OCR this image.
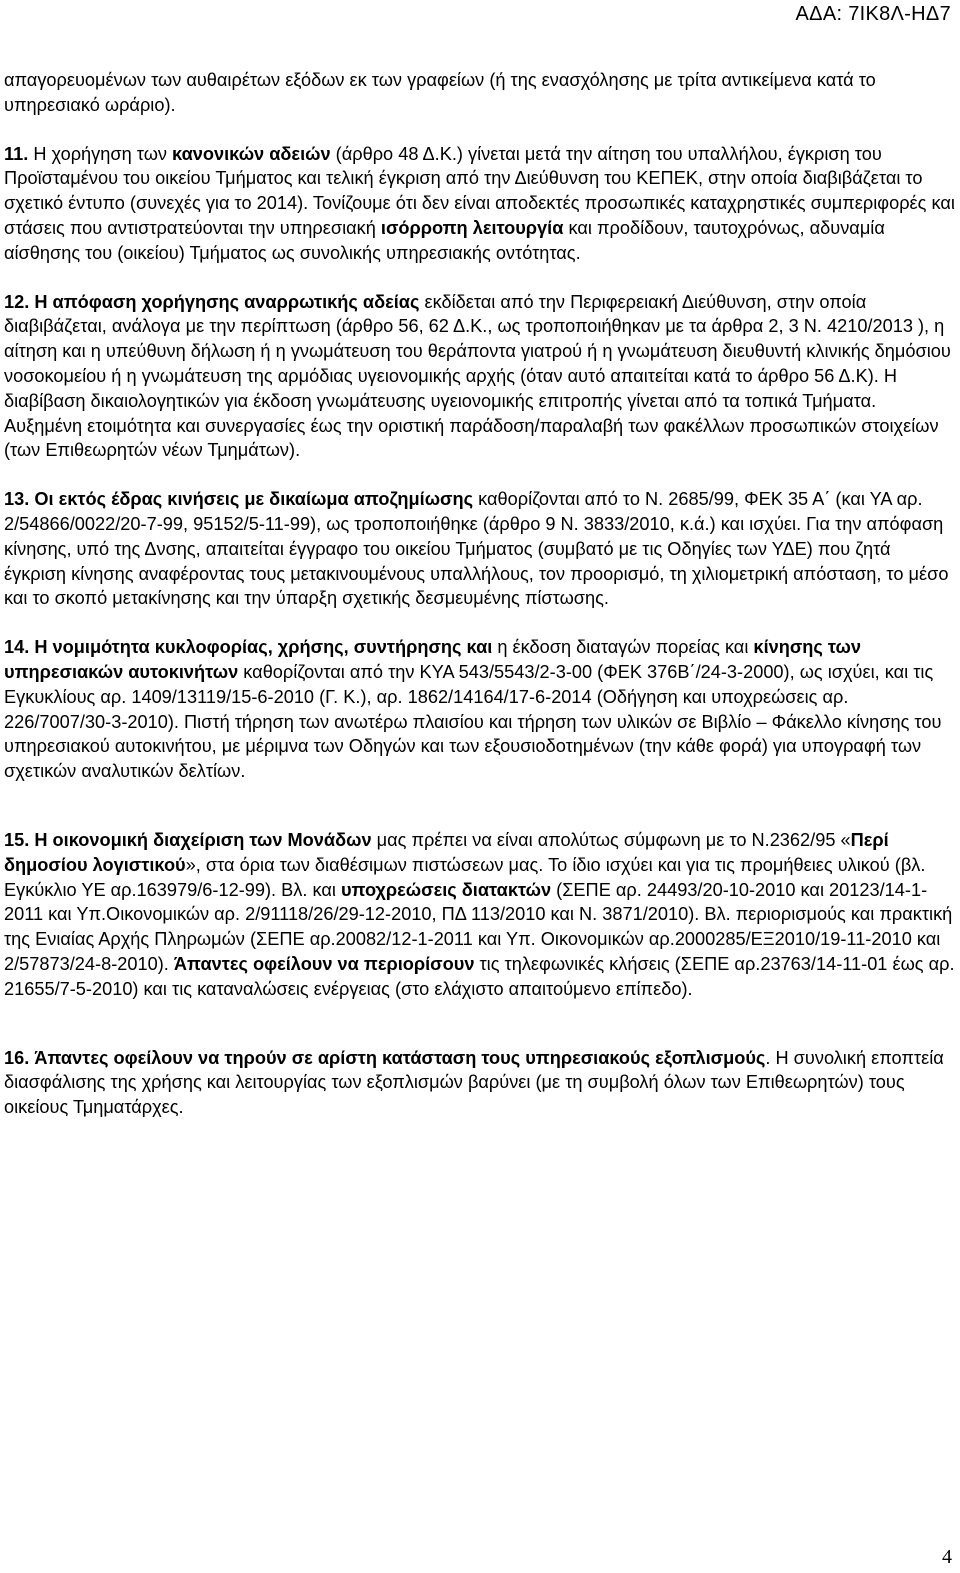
ΑΔΑ: 7ΙΚ8Λ-ΗΔ7

απαγορευομένων των αυθαιρέτων εξόδων εκ των γραφείων (ή της ενασχόλησης με τρίτα αντικείμενα κατά το υπηρεσιακό ωράριο).

11. Η χορήγηση των κανονικών αδειών (άρθρο 48 Δ.Κ.) γίνεται μετά την αίτηση του υπαλλήλου, έγκριση του Προϊσταμένου του οικείου Τμήματος και τελική έγκριση από την Διεύθυνση του ΚΕΠΕΚ, στην οποία διαβιβάζεται το σχετικό έντυπο (συνεχές για το 2014). Τονίζουμε ότι δεν είναι αποδεκτές προσωπικές καταχρηστικές συμπεριφορές και στάσεις που αντιστρατεύονται την υπηρεσιακή ισόρροπη λειτουργία και προδίδουν, ταυτοχρόνως, αδυναμία αίσθησης του (οικείου) Τμήματος ως συνολικής υπηρεσιακής οντότητας.

12. Η απόφαση χορήγησης αναρρωτικής αδείας εκδίδεται από την Περιφερειακή Διεύθυνση, στην οποία διαβιβάζεται, ανάλογα με την περίπτωση (άρθρο 56, 62 Δ.Κ., ως τροποποιήθηκαν με τα άρθρα 2, 3 Ν. 4210/2013 ), η αίτηση και η υπεύθυνη δήλωση ή η γνωμάτευση του θεράποντα γιατρού ή η γνωμάτευση διευθυντή κλινικής δημόσιου νοσοκομείου ή η γνωμάτευση της αρμόδιας υγειονομικής αρχής (όταν αυτό απαιτείται κατά το άρθρο 56 Δ.Κ). Η διαβίβαση δικαιολογητικών για έκδοση γνωμάτευσης υγειονομικής επιτροπής γίνεται από τα τοπικά Τμήματα.

Αυξημένη ετοιμότητα και συνεργασίες έως την οριστική παράδοση/παραλαβή των φακέλλων προσωπικών στοιχείων (των Επιθεωρητών νέων Τμημάτων).

13. Οι εκτός έδρας κινήσεις με δικαίωμα αποζημίωσης καθορίζονται από το Ν. 2685/99, ΦΕΚ 35 Α΄ (και ΥΑ αρ. 2/54866/0022/20-7-99, 95152/5-11-99), ως τροποποιήθηκε (άρθρο 9 Ν. 3833/2010, κ.ά.) και ισχύει. Για την απόφαση κίνησης, υπό της Δνσης, απαιτείται έγγραφο του οικείου Τμήματος (συμβατό με τις Οδηγίες των ΥΔΕ) που ζητά έγκριση κίνησης αναφέροντας τους μετακινουμένους υπαλλήλους, τον προορισμό, τη χιλιομετρική απόσταση, το μέσο και το σκοπό μετακίνησης και την ύπαρξη σχετικής δεσμευμένης πίστωσης.

14. Η νομιμότητα κυκλοφορίας, χρήσης, συντήρησης και η έκδοση διαταγών πορείας και κίνησης των υπηρεσιακών αυτοκινήτων καθορίζονται από την ΚΥΑ 543/5543/2-3-00 (ΦΕΚ 376Β΄/24-3-2000), ως ισχύει, και τις Εγκυκλίους αρ. 1409/13119/15-6-2010 (Γ. Κ.), αρ. 1862/14164/17-6-2014 (Οδήγηση και υποχρεώσεις αρ. 226/7007/30-3-2010). Πιστή τήρηση των ανωτέρω πλαισίου και τήρηση των υλικών σε Βιβλίο – Φάκελλο κίνησης του υπηρεσιακού αυτοκινήτου, με μέριμνα των Οδηγών και των εξουσιοδοτημένων (την κάθε φορά) για υπογραφή των σχετικών αναλυτικών δελτίων.

15. Η οικονομική διαχείριση των Μονάδων μας πρέπει να είναι απολύτως σύμφωνη με το Ν.2362/95 «Περί δημοσίου λογιστικού», στα όρια των διαθέσιμων πιστώσεων μας. Το ίδιο ισχύει και για τις προμήθειες υλικού (βλ. Εγκύκλιο ΥΕ αρ.163979/6-12-99). Βλ. και υποχρεώσεις διατακτών (ΣΕΠΕ αρ. 24493/20-10-2010 και 20123/14-1-2011 και Υπ.Οικονομικών αρ. 2/91118/26/29-12-2010, ΠΔ 113/2010 και Ν. 3871/2010). Βλ. περιορισμούς και πρακτική της Ενιαίας Αρχής Πληρωμών (ΣΕΠΕ αρ.20082/12-1-2011 και Υπ. Οικονομικών αρ.2000285/ΕΞ2010/19-11-2010 και 2/57873/24-8-2010). Άπαντες οφείλουν να περιορίσουν τις τηλεφωνικές κλήσεις (ΣΕΠΕ αρ.23763/14-11-01 έως αρ. 21655/7-5-2010) και τις καταναλώσεις ενέργειας (στο ελάχιστο απαιτούμενο επίπεδο).

16. Άπαντες οφείλουν να τηρούν σε αρίστη κατάσταση τους υπηρεσιακούς εξοπλισμούς. Η συνολική εποπτεία διασφάλισης της χρήσης και λειτουργίας των εξοπλισμών βαρύνει (με τη συμβολή όλων των Επιθεωρητών) τους οικείους Τμηματάρχες.

4
